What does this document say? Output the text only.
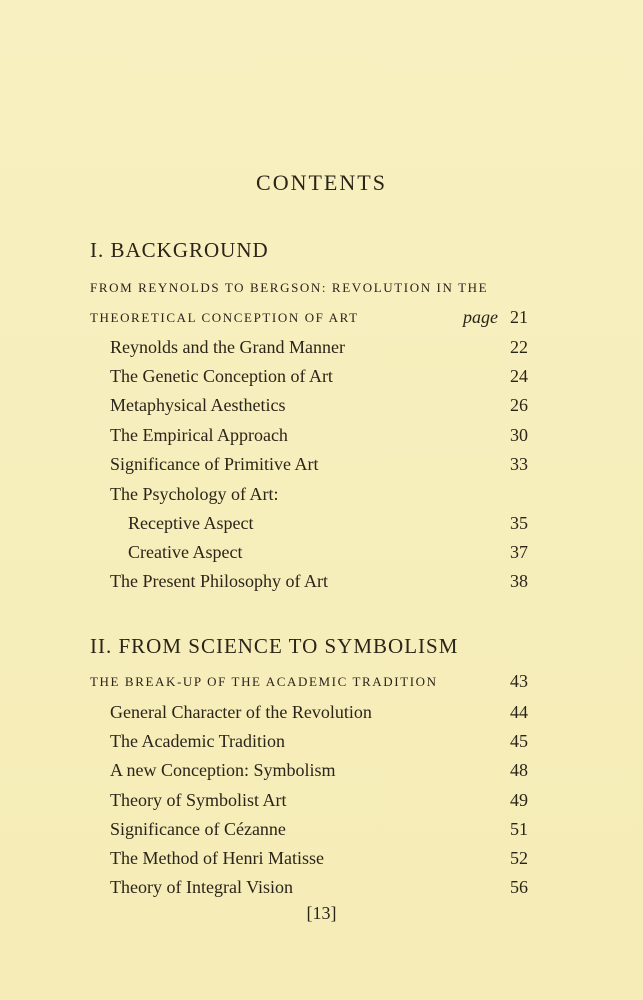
CONTENTS
I. BACKGROUND
FROM REYNOLDS TO BERGSON: REVOLUTION IN THE
THEORETICAL CONCEPTION OF ART	page 21
Reynolds and the Grand Manner	22
The Genetic Conception of Art	24
Metaphysical Aesthetics	26
The Empirical Approach	30
Significance of Primitive Art	33
The Psychology of Art:
Receptive Aspect	35
Creative Aspect	37
The Present Philosophy of Art	38
II. FROM SCIENCE TO SYMBOLISM
THE BREAK-UP OF THE ACADEMIC TRADITION	43
General Character of the Revolution	44
The Academic Tradition	45
A new Conception: Symbolism	48
Theory of Symbolist Art	49
Significance of Cézanne	51
The Method of Henri Matisse	52
Theory of Integral Vision	56
[13]
